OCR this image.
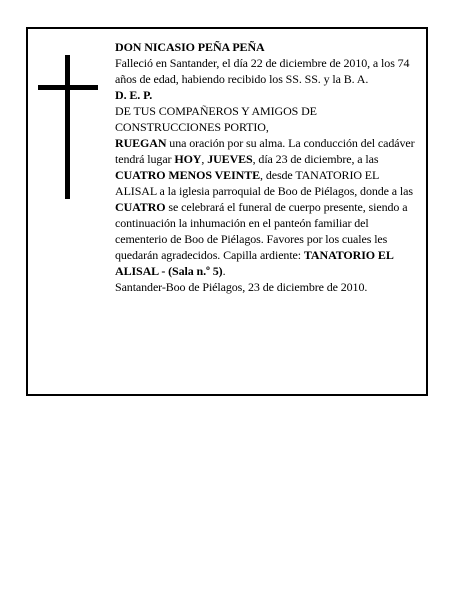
DON NICASIO PEÑA PEÑA

Falleció en Santander, el día 22 de diciembre de 2010, a los 74 años de edad, habiendo recibido los SS. SS. y la B. A.

D. E. P.

DE TUS COMPAÑEROS Y AMIGOS DE CONSTRUCCIONES PORTIO,

RUEGAN una oración por su alma. La conducción del cadáver tendrá lugar HOY, JUEVES, día 23 de diciembre, a las CUATRO MENOS VEINTE, desde TANATORIO EL ALISAL a la iglesia parroquial de Boo de Piélagos, donde a las CUATRO se celebrará el funeral de cuerpo presente, siendo a continuación la inhumación en el panteón familiar del cementerio de Boo de Piélagos. Favores por los cuales les quedarán agradecidos. Capilla ardiente: TANATORIO EL ALISAL - (Sala n.º 5).

Santander-Boo de Piélagos, 23 de diciembre de 2010.
